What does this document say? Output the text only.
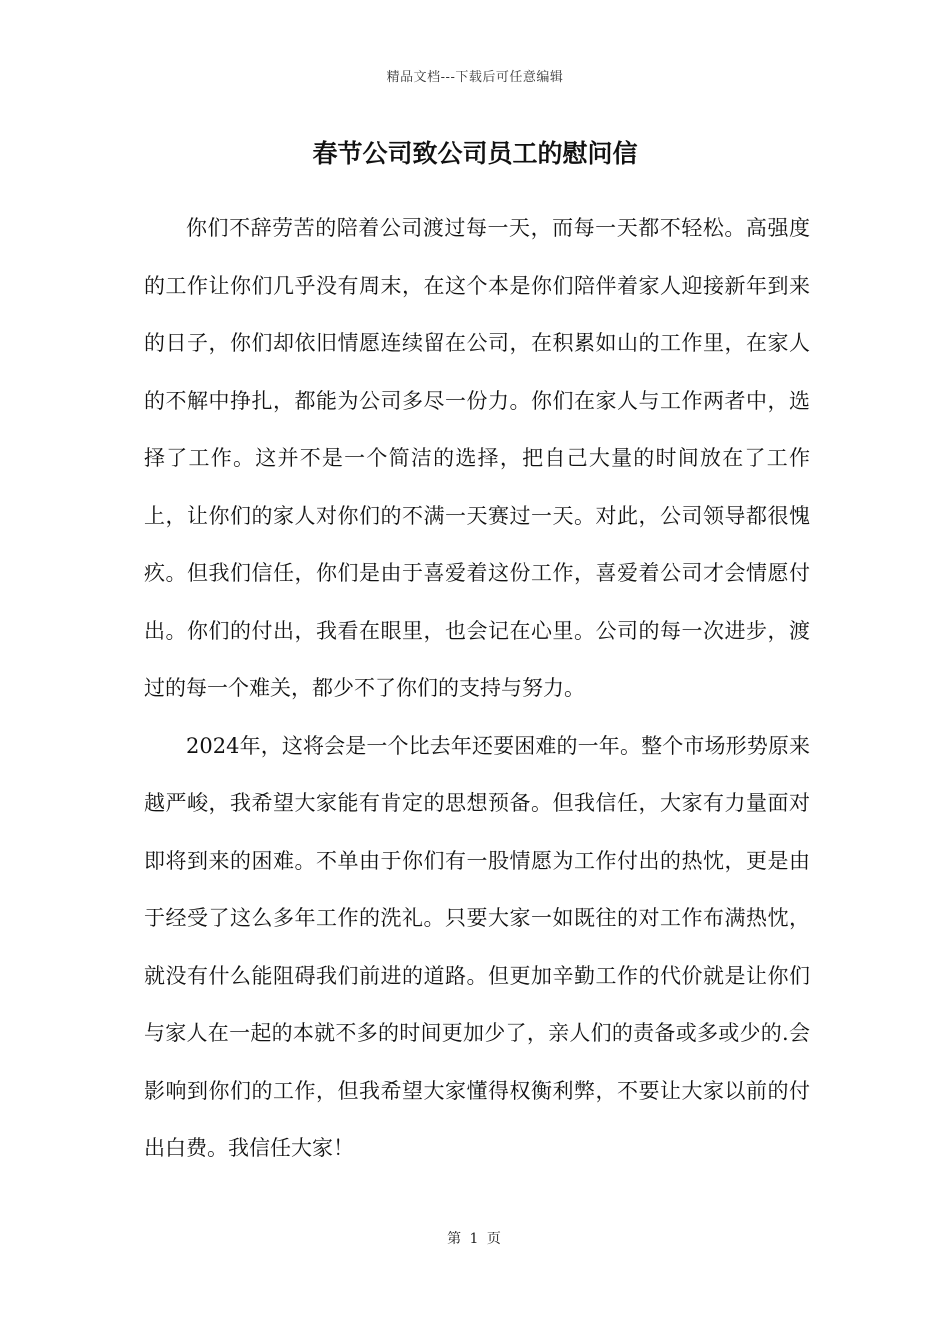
精品文档---下载后可任意编辑
春节公司致公司员工的慰问信

你们不辞劳苦的陪着公司渡过每一天，而每一天都不轻松。高强度的工作让你们几乎没有周末，在这个本是你们陪伴着家人迎接新年到来的日子，你们却依旧情愿连续留在公司，在积累如山的工作里，在家人的不解中挣扎，都能为公司多尽一份力。你们在家人与工作两者中，选择了工作。这并不是一个简洁的选择，把自己大量的时间放在了工作上，让你们的家人对你们的不满一天赛过一天。对此，公司领导都很愧疚。但我们信任，你们是由于喜爱着这份工作，喜爱着公司才会情愿付出。你们的付出，我看在眼里，也会记在心里。公司的每一次进步，渡过的每一个难关，都少不了你们的支持与努力。

2024年，这将会是一个比去年还要困难的一年。整个市场形势原来越严峻，我希望大家能有肯定的思想预备。但我信任，大家有力量面对即将到来的困难。不单由于你们有一股情愿为工作付出的热忱，更是由于经受了这么多年工作的洗礼。只要大家一如既往的对工作布满热忱，就没有什么能阻碍我们前进的道路。但更加辛勤工作的代价就是让你们与家人在一起的本就不多的时间更加少了，亲人们的责备或多或少的.会影响到你们的工作，但我希望大家懂得权衡利弊，不要让大家以前的付出白费。我信任大家！

第 1 页
